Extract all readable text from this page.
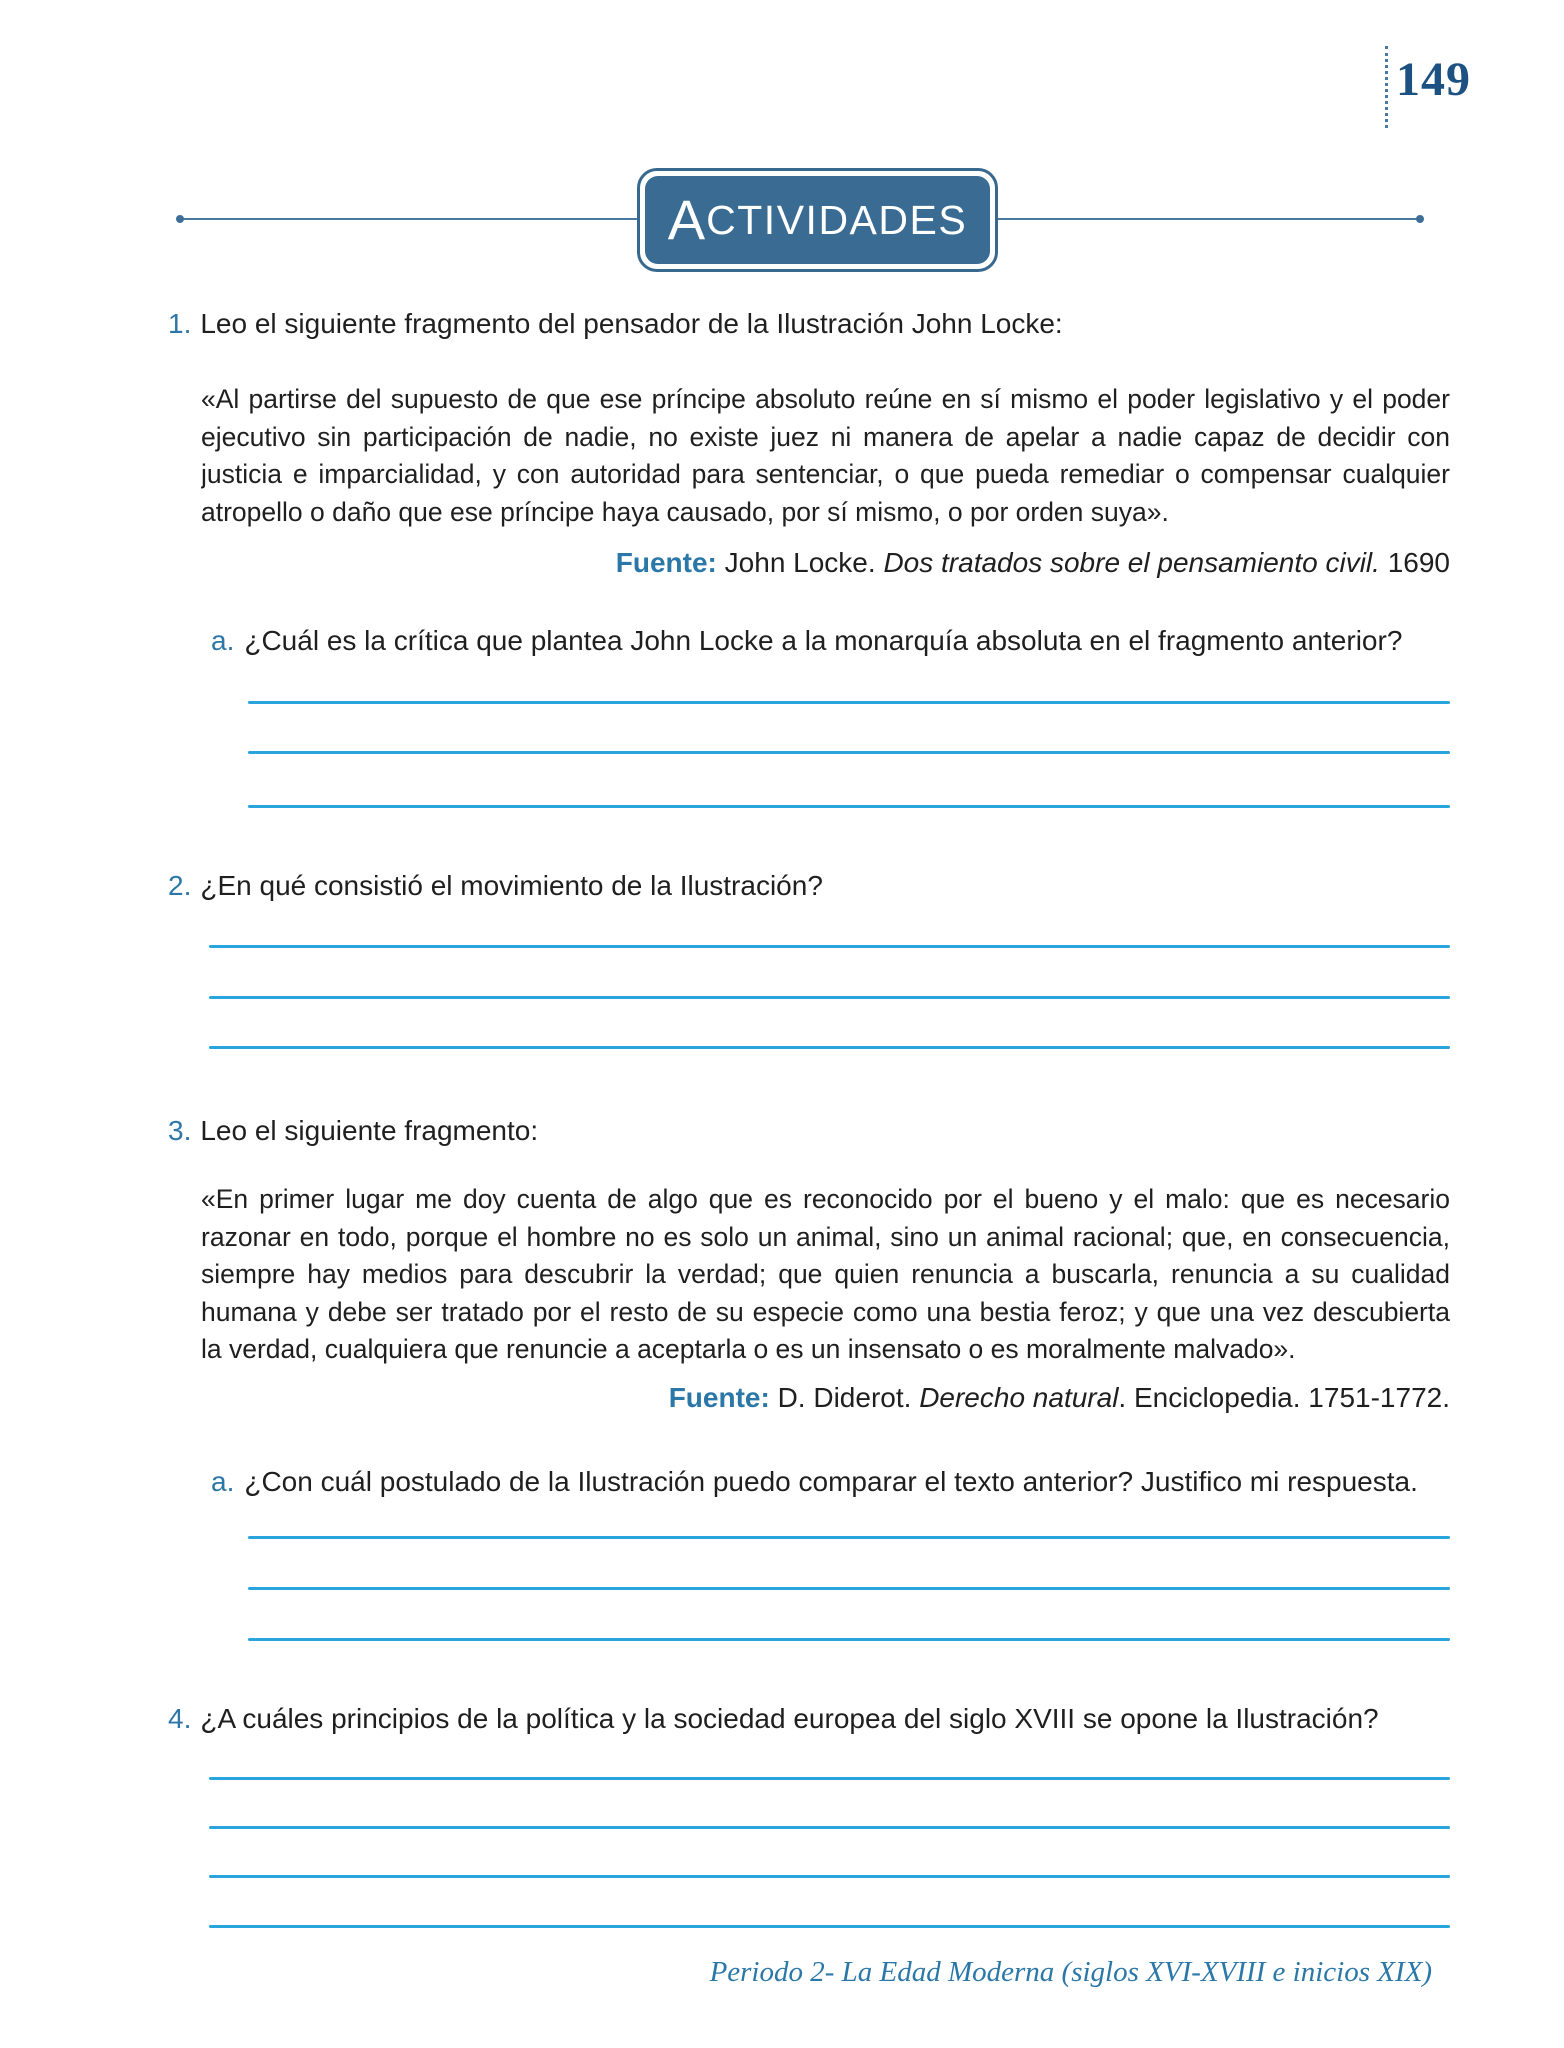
149
A CTIVIDADES
1. Leo el siguiente fragmento del pensador de la Ilustración John Locke:
«Al partirse del supuesto de que ese príncipe absoluto reúne en sí mismo el poder legislativo y el poder
ejecutivo sin participación de nadie, no existe juez ni manera de apelar a nadie capaz de decidir con
justicia e imparcialidad, y con autoridad para sentenciar, o que pueda remediar o compensar cualquier
atropello o daño que ese príncipe haya causado, por sí mismo, o por orden suya».
Fuente: John Locke. Dos tratados sobre el pensamiento civil. 1690
a. ¿Cuál es la crítica que plantea John Locke a la monarquía absoluta en el fragmento anterior?
2. ¿En qué consistió el movimiento de la Ilustración?
3. Leo el siguiente fragmento:
«En primer lugar me doy cuenta de algo que es reconocido por el bueno y el malo: que es necesario
razonar en todo, porque el hombre no es solo un animal, sino un animal racional; que, en consecuencia,
siempre hay medios para descubrir la verdad; que quien renuncia a buscarla, renuncia a su cualidad
humana y debe ser tratado por el resto de su especie como una bestia feroz; y que una vez descubierta
la verdad, cualquiera que renuncie a aceptarla o es un insensato o es moralmente malvado».
Fuente: D. Diderot. Derecho natural. Enciclopedia. 1751-1772.
a. ¿Con cuál postulado de la Ilustración puedo comparar el texto anterior? Justifico mi respuesta.
4. ¿A cuáles principios de la política y la sociedad europea del siglo XVIII se opone la Ilustración?
Periodo 2- La Edad Moderna (siglos XVI-XVIII e inicios XIX)
